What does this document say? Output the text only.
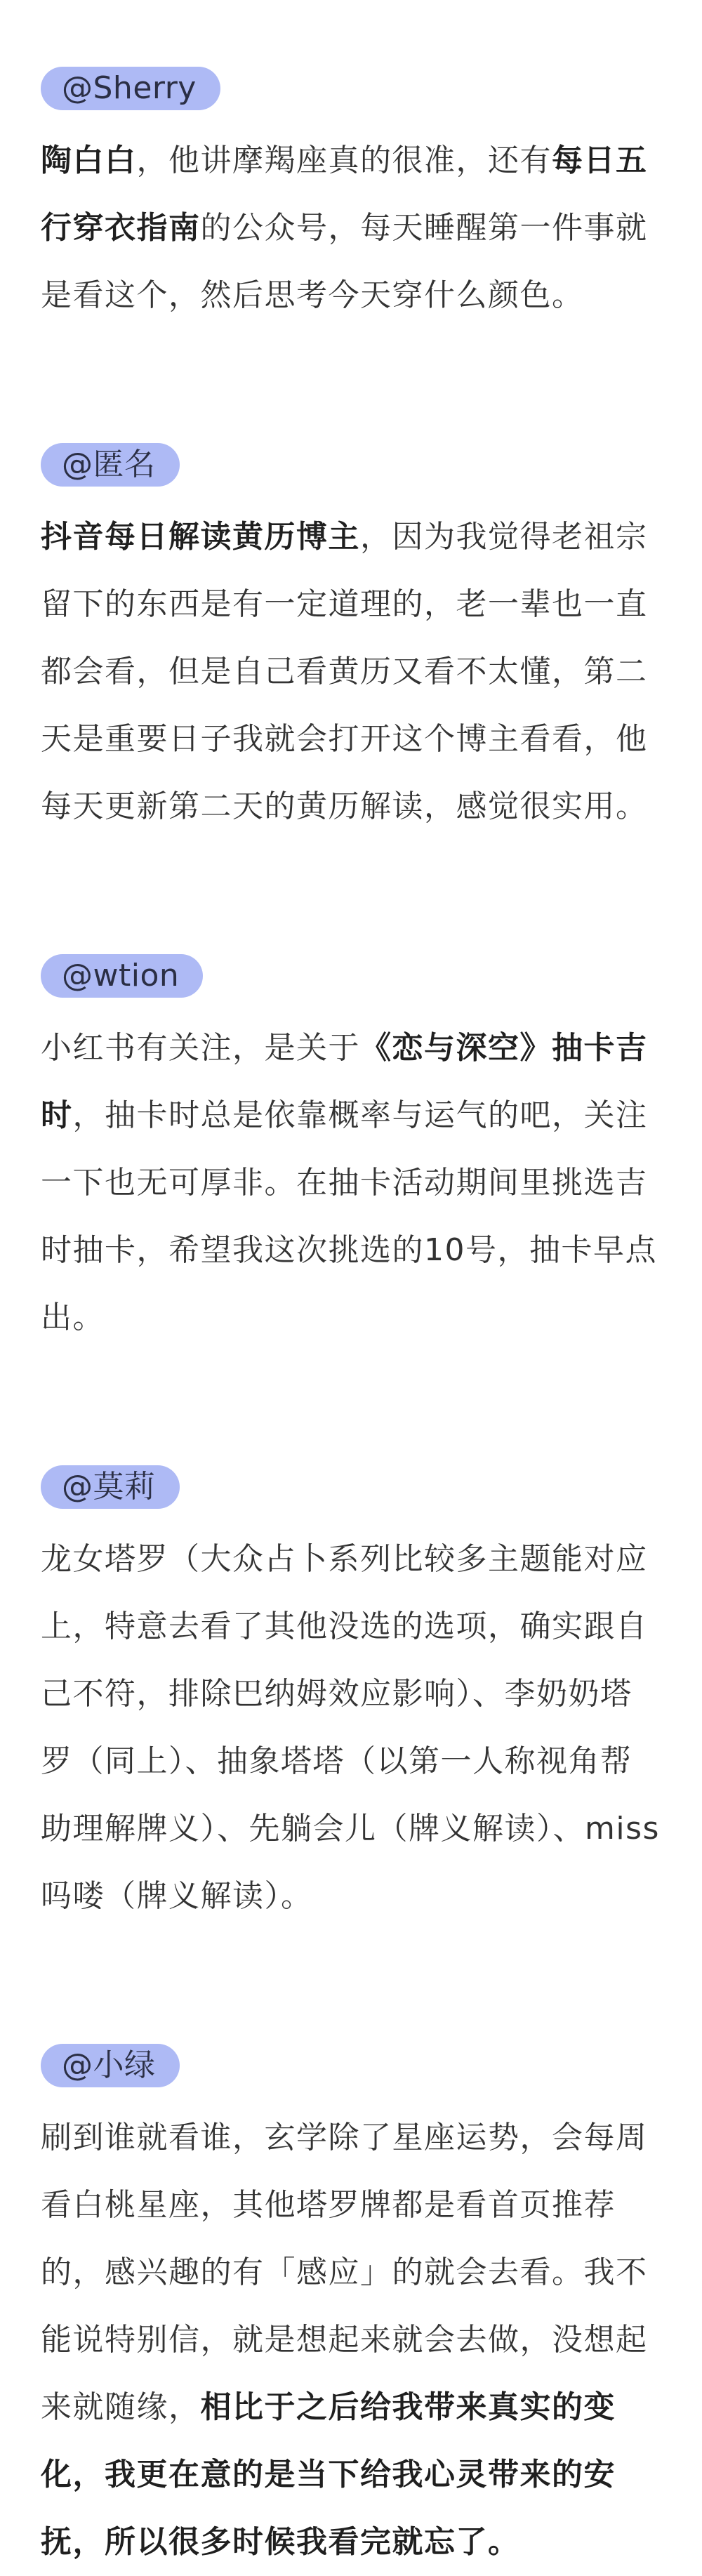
@Sherry
陶白白，他讲摩羯座真的很准，还有每日五行穿衣指南的公众号，每天睡醒第一件事就是看这个，然后思考今天穿什么颜色。
@匿名
抖音每日解读黄历博主，因为我觉得老祖宗留下的东西是有一定道理的，老一辈也一直都会看，但是自己看黄历又看不太懂，第二天是重要日子我就会打开这个博主看看，他每天更新第二天的黄历解读，感觉很实用。
@wtion
小红书有关注，是关于《恋与深空》抽卡吉时，抽卡时总是依靠概率与运气的吧，关注一下也无可厚非。在抽卡活动期间里挑选吉时抽卡，希望我这次挑选的10号，抽卡早点出。
@莫莉
龙女塔罗（大众占卜系列比较多主题能对应上，特意去看了其他没选的选项，确实跟自己不符，排除巴纳姆效应影响）、李奶奶塔罗（同上）、抽象塔塔（以第一人称视角帮助理解牌义）、先躺会儿（牌义解读）、miss吗喽（牌义解读）。
@小绿
刷到谁就看谁，玄学除了星座运势，会每周看白桃星座，其他塔罗牌都是看首页推荐的，感兴趣的有「感应」的就会去看。我不能说特别信，就是想起来就会去做，没想起来就随缘，相比于之后给我带来真实的变化，我更在意的是当下给我心灵带来的安抚，所以很多时候我看完就忘了。
